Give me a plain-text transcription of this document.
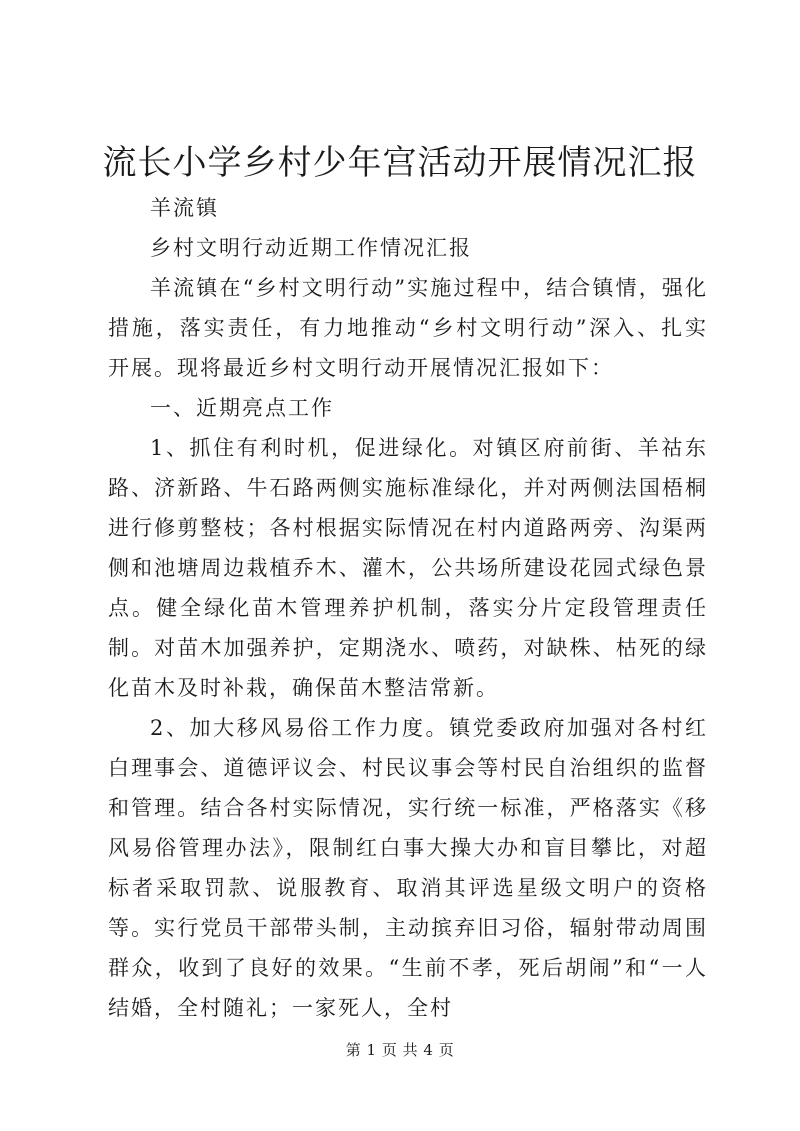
流长小学乡村少年宫活动开展情况汇报

羊流镇

乡村文明行动近期工作情况汇报

羊流镇在“乡村文明行动”实施过程中，结合镇情，强化措施，落实责任，有力地推动“乡村文明行动”深入、扎实开展。现将最近乡村文明行动开展情况汇报如下：

一、近期亮点工作

1、抓住有利时机，促进绿化。对镇区府前街、羊祜东路、济新路、牛石路两侧实施标准绿化，并对两侧法国梧桐进行修剪整枝；各村根据实际情况在村内道路两旁、沟渠两侧和池塘周边栽植乔木、灌木，公共场所建设花园式绿色景点。健全绿化苗木管理养护机制，落实分片定段管理责任制。对苗木加强养护，定期浇水、喷药，对缺株、枯死的绿化苗木及时补栽，确保苗木整洁常新。

2、加大移风易俗工作力度。镇党委政府加强对各村红白理事会、道德评议会、村民议事会等村民自治组织的监督和管理。结合各村实际情况，实行统一标准，严格落实《移风易俗管理办法》，限制红白事大操大办和盲目攀比，对超标者采取罚款、说服教育、取消其评选星级文明户的资格等。实行党员干部带头制，主动摈弃旧习俗，辐射带动周围群众，收到了良好的效果。“生前不孝，死后胡闹”和“一人结婚，全村随礼；一家死人，全村

第 1 页 共 4 页
